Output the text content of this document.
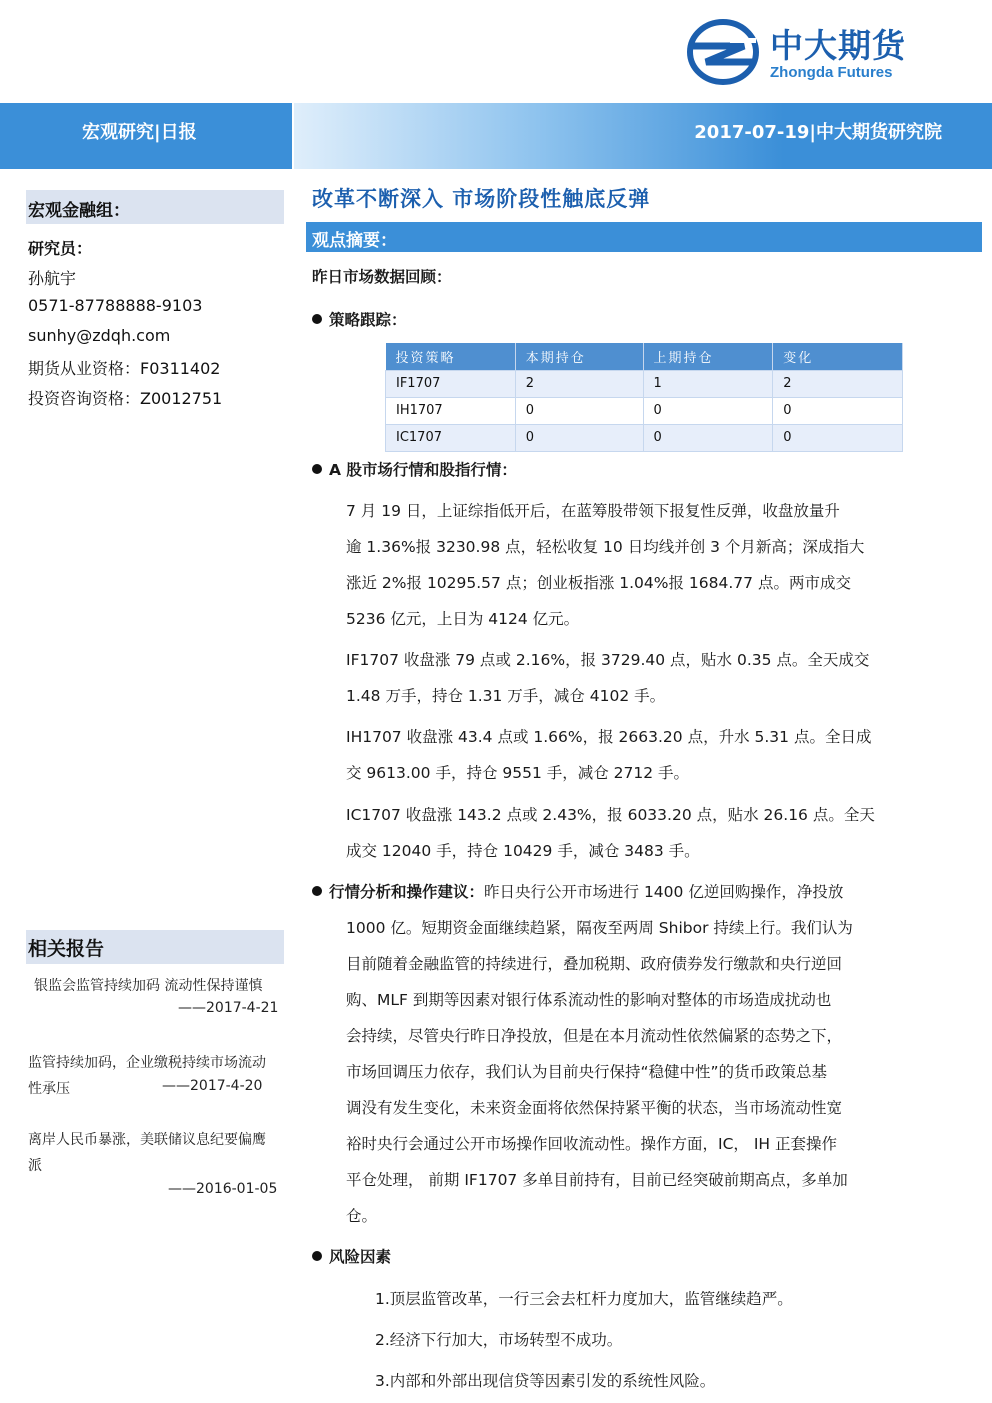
中大期货
Zhongda Futures
宏观研究|日报	2017-07-19|中大期货研究院
宏观金融组：
研究员：
孙航宇
0571-87788888-9103
sunhy@zdqh.com
期货从业资格：F0311402
投资咨询资格：Z0012751
相关报告
银监会监管持续加码 流动性保持谨慎
——2017-4-21
监管持续加码，企业缴税持续市场流动
性承压	——2017-4-20
离岸人民币暴涨，美联储议息纪要偏鹰
派
——2016-01-05
改革不断深入 市场阶段性触底反弹
观点摘要：
昨日市场数据回顾：
策略跟踪：
投资策略	本期持仓	上期持仓	变化
IF1707	2	1	2
IH1707	0	0	0
IC1707	0	0	0
A 股市场行情和股指行情：
7 月 19 日，上证综指低开后，在蓝筹股带领下报复性反弹，收盘放量升
逾 1.36%报 3230.98 点，轻松收复 10 日均线并创 3 个月新高；深成指大
涨近 2%报 10295.57 点；创业板指涨 1.04%报 1684.77 点。两市成交
5236 亿元，上日为 4124 亿元。
IF1707 收盘涨 79 点或 2.16%，报 3729.40 点，贴水 0.35 点。全天成交
1.48 万手，持仓 1.31 万手，减仓 4102 手。
IH1707 收盘涨 43.4 点或 1.66%，报 2663.20 点，升水 5.31 点。全日成
交 9613.00 手，持仓 9551 手，减仓 2712 手。
IC1707 收盘涨 143.2 点或 2.43%，报 6033.20 点，贴水 26.16 点。全天
成交 12040 手，持仓 10429 手，减仓 3483 手。
行情分析和操作建议：昨日央行公开市场进行 1400 亿逆回购操作，净投放
1000 亿。短期资金面继续趋紧，隔夜至两周 Shibor 持续上行。我们认为
目前随着金融监管的持续进行，叠加税期、政府债券发行缴款和央行逆回
购、MLF 到期等因素对银行体系流动性的影响对整体的市场造成扰动也
会持续，尽管央行昨日净投放，但是在本月流动性依然偏紧的态势之下，
市场回调压力依存，我们认为目前央行保持“稳健中性”的货币政策总基
调没有发生变化，未来资金面将依然保持紧平衡的状态，当市场流动性宽
裕时央行会通过公开市场操作回收流动性。操作方面，IC， IH 正套操作
平仓处理， 前期 IF1707 多单目前持有，目前已经突破前期高点，多单加
仓。
风险因素
1.顶层监管改革，一行三会去杠杆力度加大，监管继续趋严。
2.经济下行加大，市场转型不成功。
3.内部和外部出现信贷等因素引发的系统性风险。
